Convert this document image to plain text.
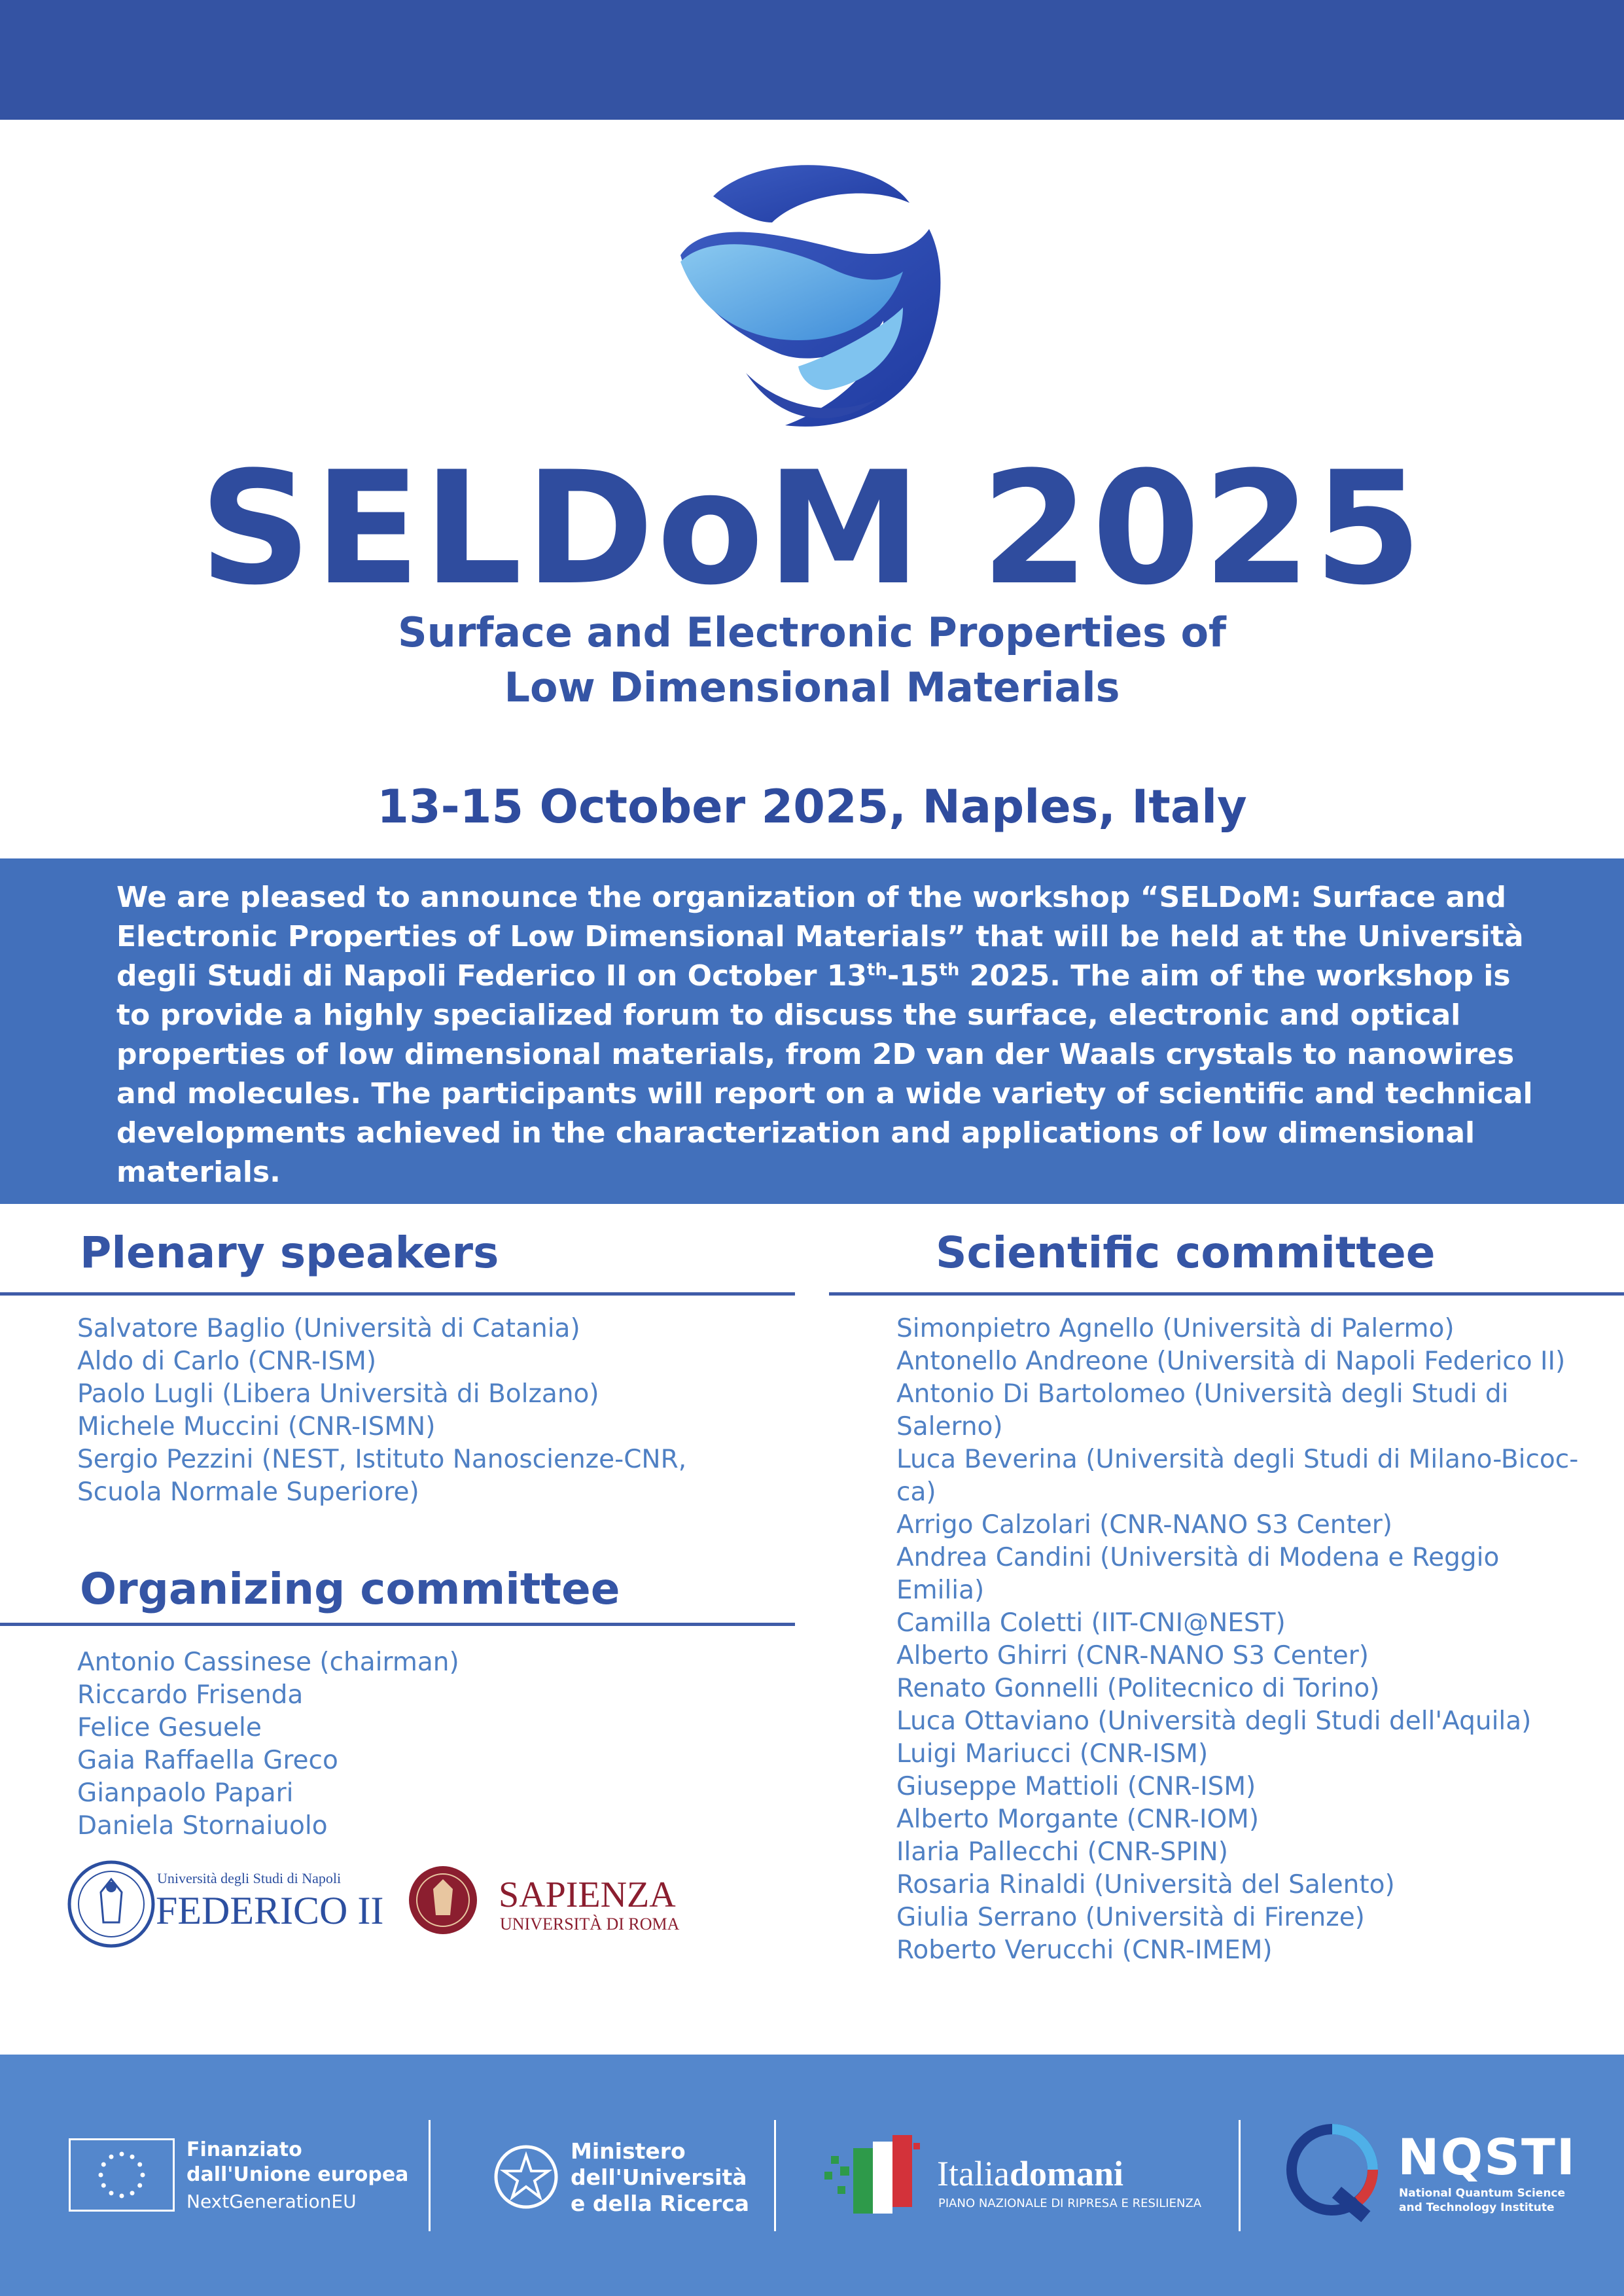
SELDoM 2025
Surface and Electronic Properties of
Low Dimensional Materials
13-15 October 2025, Naples, Italy

We are pleased to announce the organization of the workshop “SELDoM: Surface and Electronic Properties of Low Dimensional Materials” that will be held at the Università degli Studi di Napoli Federico II on October 13th-15th 2025. The aim of the workshop is to provide a highly specialized forum to discuss the surface, electronic and optical properties of low dimensional materials, from 2D van der Waals crystals to nanowires and molecules. The participants will report on a wide variety of scientific and technical developments achieved in the characterization and applications of low dimensional materials.

Plenary speakers
Salvatore Baglio (Università di Catania)
Aldo di Carlo (CNR-ISM)
Paolo Lugli (Libera Università di Bolzano)
Michele Muccini (CNR-ISMN)
Sergio Pezzini (NEST, Istituto Nanoscienze-CNR,
Scuola Normale Superiore)
Organizing committee
Antonio Cassinese (chairman)
Riccardo Frisenda
Felice Gesuele
Gaia Raffaella Greco
Gianpaolo Papari
Daniela Stornaiuolo
Scientific committee
Simonpietro Agnello (Università di Palermo)
Antonello Andreone (Università di Napoli Federico II)
Antonio Di Bartolomeo (Università degli Studi di
Salerno)
Luca Beverina (Università degli Studi di Milano-Bicoc-
ca)
Arrigo Calzolari (CNR-NANO S3 Center)
Andrea Candini (Università di Modena e Reggio
Emilia)
Camilla Coletti (IIT-CNI@NEST)
Alberto Ghirri (CNR-NANO S3 Center)
Renato Gonnelli (Politecnico di Torino)
Luca Ottaviano (Università degli Studi dell'Aquila)
Luigi Mariucci (CNR-ISM)
Giuseppe Mattioli (CNR-ISM)
Alberto Morgante (CNR-IOM)
Ilaria Pallecchi (CNR-SPIN)
Rosaria Rinaldi (Università del Salento)
Giulia Serrano (Università di Firenze)
Roberto Verucchi (CNR-IMEM)
Università degli Studi di Napoli
FEDERICO II	SAPIENZA
UNIVERSITÀ DI ROMA
Finanziato
dall'Unione europea
NextGenerationEU
Ministero
dell'Università
e della Ricerca
Italiadomani
PIANO NAZIONALE DI RIPRESA E RESILIENZA
NQSTI
National Quantum Science
and Technology Institute
